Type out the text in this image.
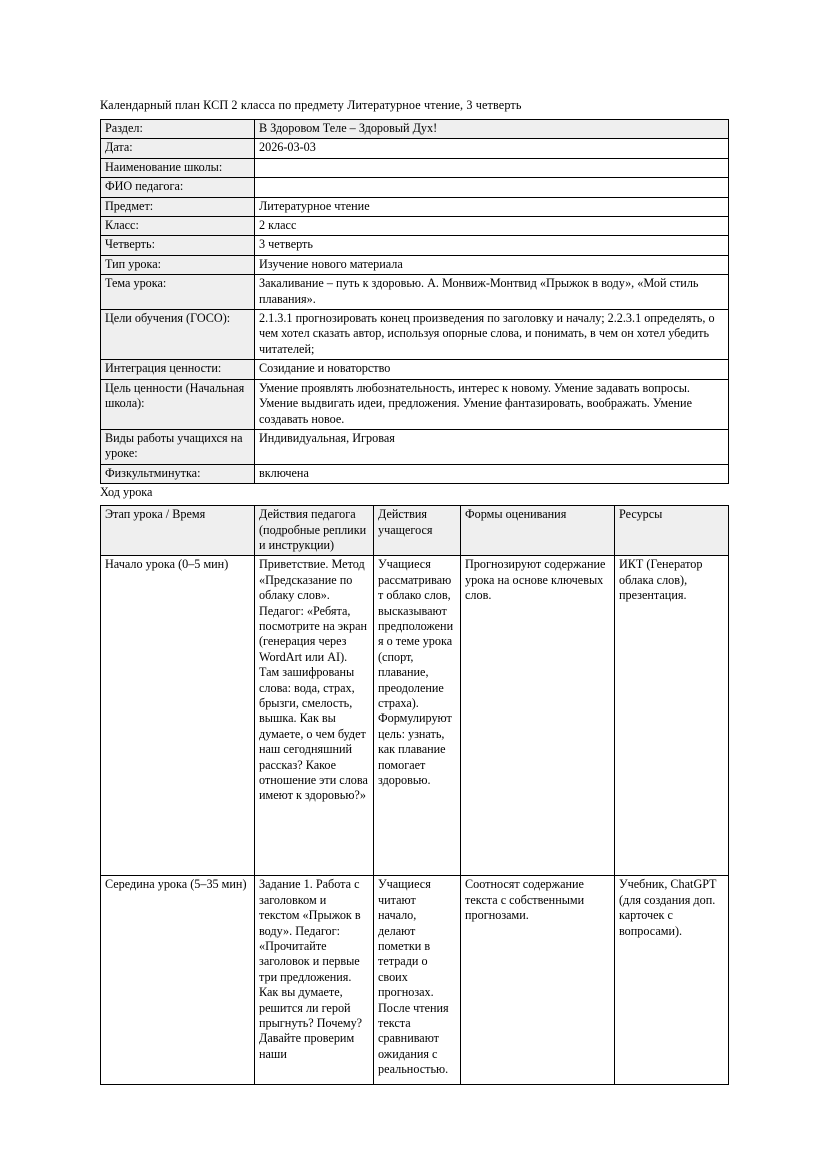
Календарный план КСП 2 класса по предмету Литературное чтение, 3 четверть
Раздел:	В Здоровом Теле – Здоровый Дух!
Дата:	2026-03-03
Наименование школы:	
ФИО педагога:	
Предмет:	Литературное чтение
Класс:	2 класс
Четверть:	3 четверть
Тип урока:	Изучение нового материала
Тема урока:	Закаливание – путь к здоровью. А. Монвиж-Монтвид «Прыжок в воду», «Мой стиль плавания».
Цели обучения (ГОСО):	2.1.3.1 прогнозировать конец произведения по заголовку и началу; 2.2.3.1 определять, о чем хотел сказать автор, используя опорные слова, и понимать, в чем он хотел убедить читателей;
Интеграция ценности:	Созидание и новаторство
Цель ценности (Начальная школа):	Умение проявлять любознательность, интерес к новому. Умение задавать вопросы. Умение выдвигать идеи, предложения. Умение фантазировать, воображать. Умение создавать новое.
Виды работы учащихся на уроке:	Индивидуальная, Игровая
Физкультминутка:	включена
Ход урока
Этап урока / Время	Действия педагога (подробные реплики и инструкции)	Действия учащегося	Формы оценивания	Ресурсы
Начало урока (0–5 мин)	Приветствие. Метод «Предсказание по облаку слов». Педагог: «Ребята, посмотрите на экран (генерация через WordArt или AI). Там зашифрованы слова: вода, страх, брызги, смелость, вышка. Как вы думаете, о чем будет наш сегодняшний рассказ? Какое отношение эти слова имеют к здоровью?»	Учащиеся рассматривают облако слов, высказывают предположения о теме урока (спорт, плавание, преодоление страха). Формулируют цель: узнать, как плавание помогает здоровью.	Прогнозируют содержание урока на основе ключевых слов.	ИКТ (Генератор облака слов), презентация.
Середина урока (5–35 мин)	Задание 1. Работа с заголовком и текстом «Прыжок в воду». Педагог: «Прочитайте заголовок и первые три предложения. Как вы думаете, решится ли герой прыгнуть? Почему? Давайте проверим наши	Учащиеся читают начало, делают пометки в тетради о своих прогнозах. После чтения текста сравнивают ожидания с реальностью.	Соотносят содержание текста с собственными прогнозами.	Учебник, ChatGPT (для создания доп. карточек с вопросами).
